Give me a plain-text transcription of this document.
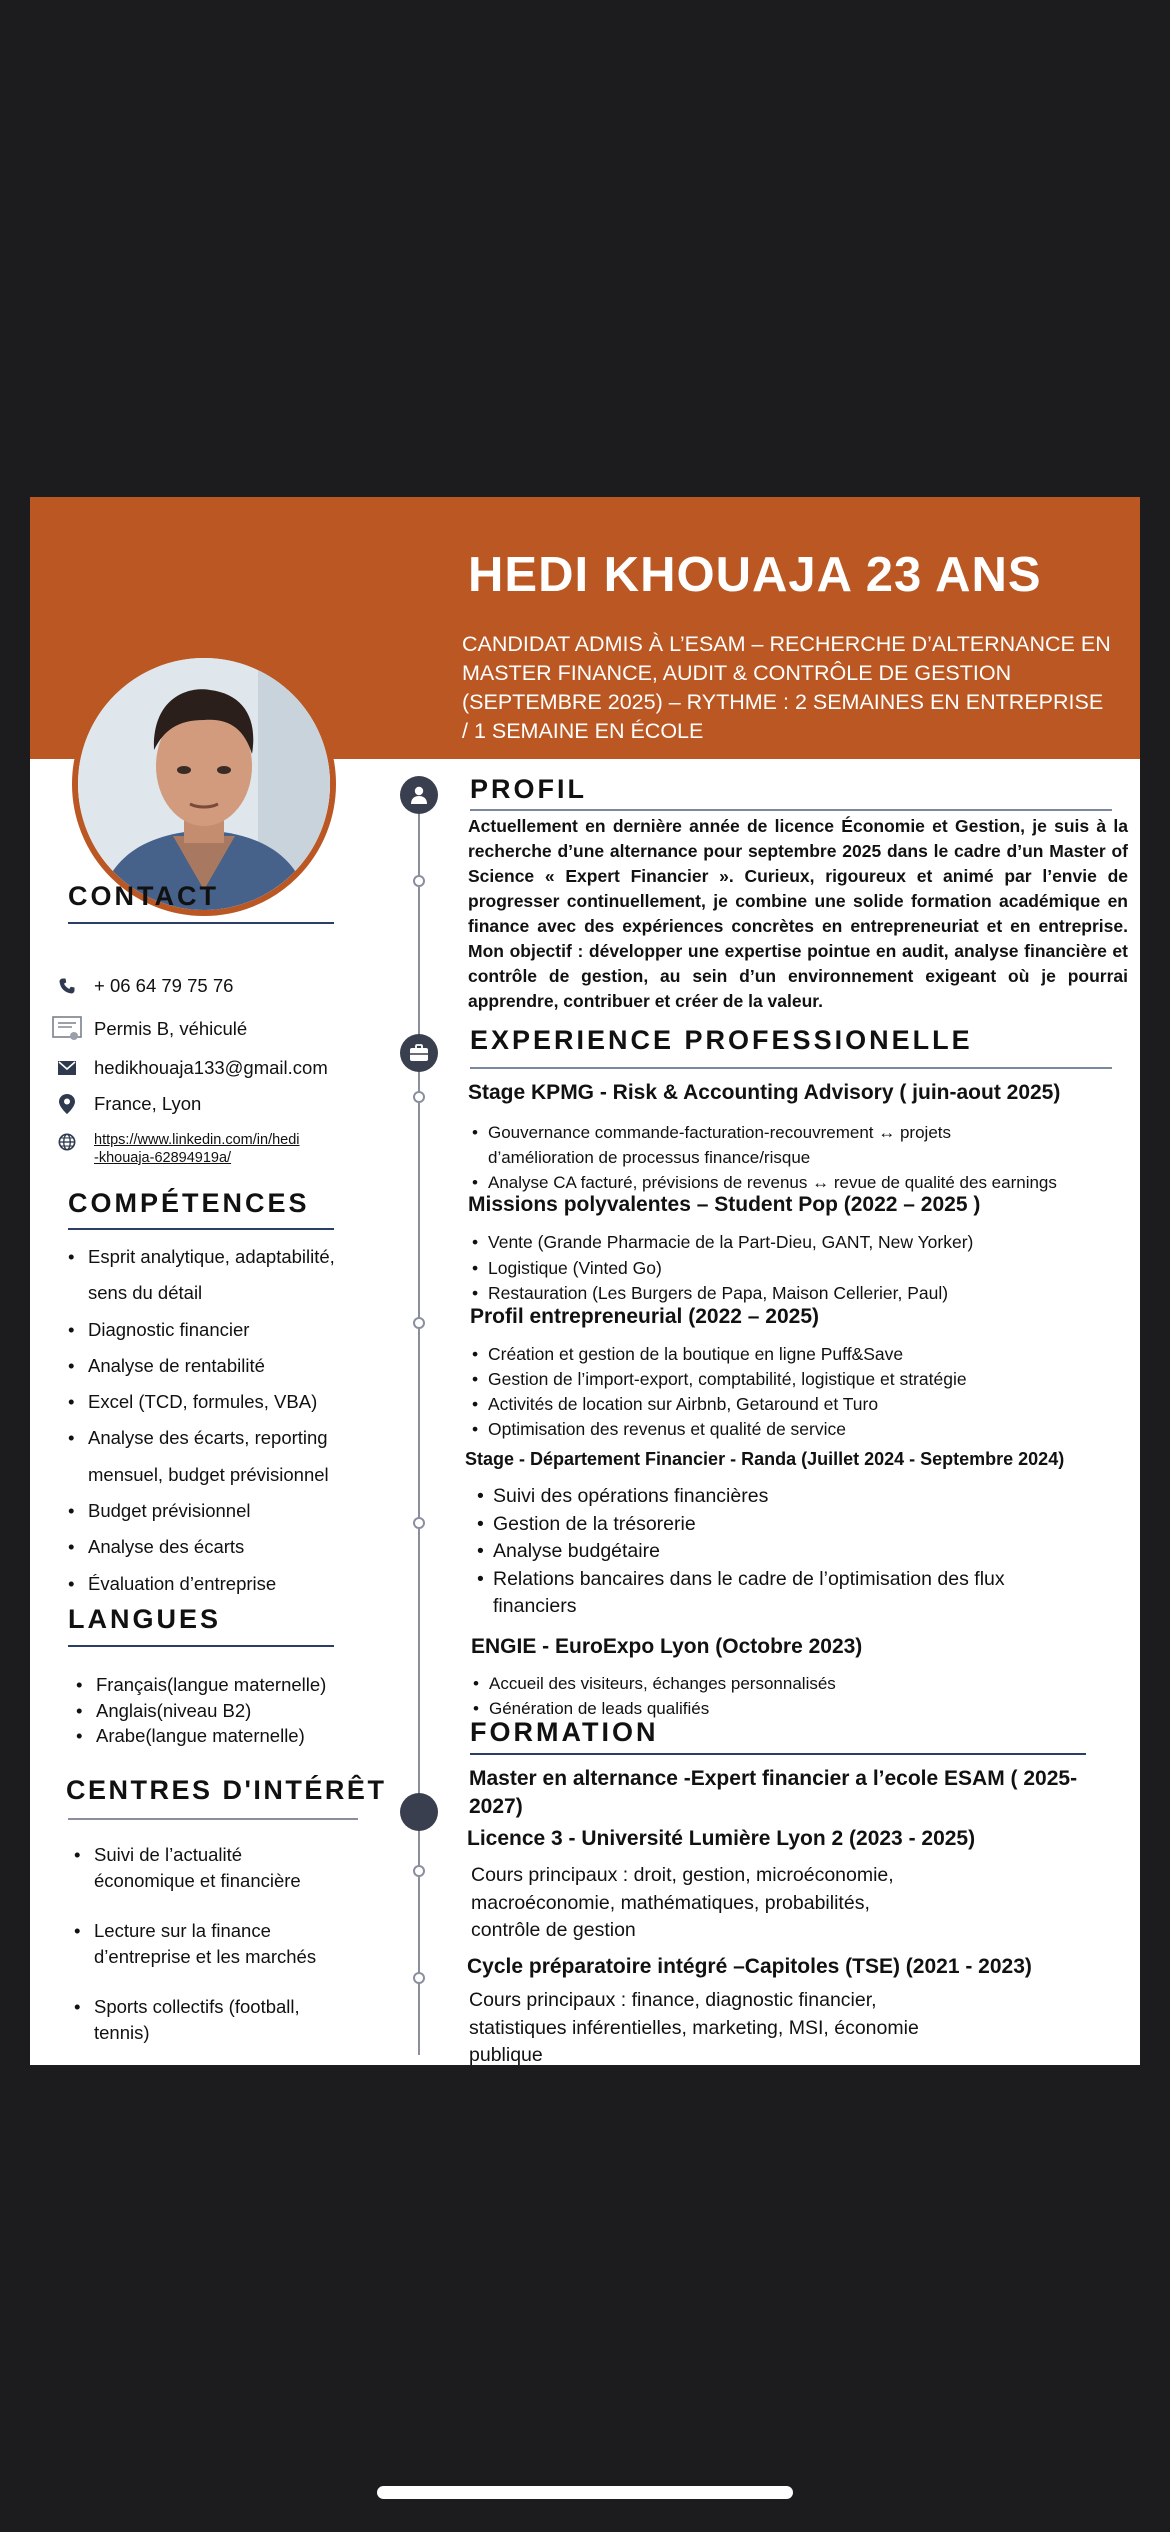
HEDI KHOUAJA 23 ANS
CANDIDAT ADMIS À L’ESAM – RECHERCHE D’ALTERNANCE EN MASTER FINANCE, AUDIT & CONTRÔLE DE GESTION (SEPTEMBRE 2025) – RYTHME : 2 SEMAINES EN ENTREPRISE / 1 SEMAINE EN ÉCOLE
CONTACT
+ 06 64 79 75 76
Permis B, véhiculé
hedikhouaja133@gmail.com
France, Lyon
https://www.linkedin.com/in/hedi
-khouaja-62894919a/
COMPÉTENCES
• Esprit analytique, adaptabilité,
sens du détail
• Diagnostic financier
• Analyse de rentabilité
• Excel (TCD, formules, VBA)
• Analyse des écarts, reporting
mensuel, budget prévisionnel
• Budget prévisionnel
• Analyse des écarts
• Évaluation d’entreprise
LANGUES
• Français(langue maternelle)
• Anglais(niveau B2)
• Arabe(langue maternelle)
CENTRES D'INTÉRÊT
• Suivi de l’actualité
économique et financière
• Lecture sur la finance
d’entreprise et les marchés
• Sports collectifs (football,
tennis)
PROFIL
Actuellement en dernière année de licence Économie et Gestion, je suis à la recherche d’une alternance pour septembre 2025 dans le cadre d’un Master of Science « Expert Financier ». Curieux, rigoureux et animé par l’envie de progresser continuellement, je combine une solide formation académique en finance avec des expériences concrètes en entrepreneuriat et en entreprise. Mon objectif : développer une expertise pointue en audit, analyse financière et contrôle de gestion, au sein d’un environnement exigeant où je pourrai apprendre, contribuer et créer de la valeur.
EXPERIENCE PROFESSIONELLE
Stage KPMG - Risk & Accounting Advisory ( juin-aout 2025)
• Gouvernance commande-facturation-recouvrement ↔ projets
d’amélioration de processus finance/risque
• Analyse CA facturé, prévisions de revenus ↔ revue de qualité des earnings
Missions polyvalentes – Student Pop (2022 – 2025 )
• Vente (Grande Pharmacie de la Part-Dieu, GANT, New Yorker)
• Logistique (Vinted Go)
• Restauration (Les Burgers de Papa, Maison Cellerier, Paul)
Profil entrepreneurial (2022 – 2025)
• Création et gestion de la boutique en ligne Puff&Save
• Gestion de l’import-export, comptabilité, logistique et stratégie
• Activités de location sur Airbnb, Getaround et Turo
• Optimisation des revenus et qualité de service
Stage - Département Financier - Randa (Juillet 2024 - Septembre 2024)
• Suivi des opérations financières
• Gestion de la trésorerie
• Analyse budgétaire
• Relations bancaires dans le cadre de l’optimisation des flux
financiers
ENGIE - EuroExpo Lyon (Octobre 2023)
• Accueil des visiteurs, échanges personnalisés
• Génération de leads qualifiés
FORMATION
Master en alternance -Expert financier a l’ecole ESAM ( 2025-
2027)
Licence 3 - Université Lumière Lyon 2 (2023 - 2025)
Cours principaux : droit, gestion, microéconomie,
macroéconomie, mathématiques, probabilités,
contrôle de gestion
Cycle préparatoire intégré –Capitoles (TSE) (2021 - 2023)
Cours principaux : finance, diagnostic financier,
statistiques inférentielles, marketing, MSI, économie
publique
